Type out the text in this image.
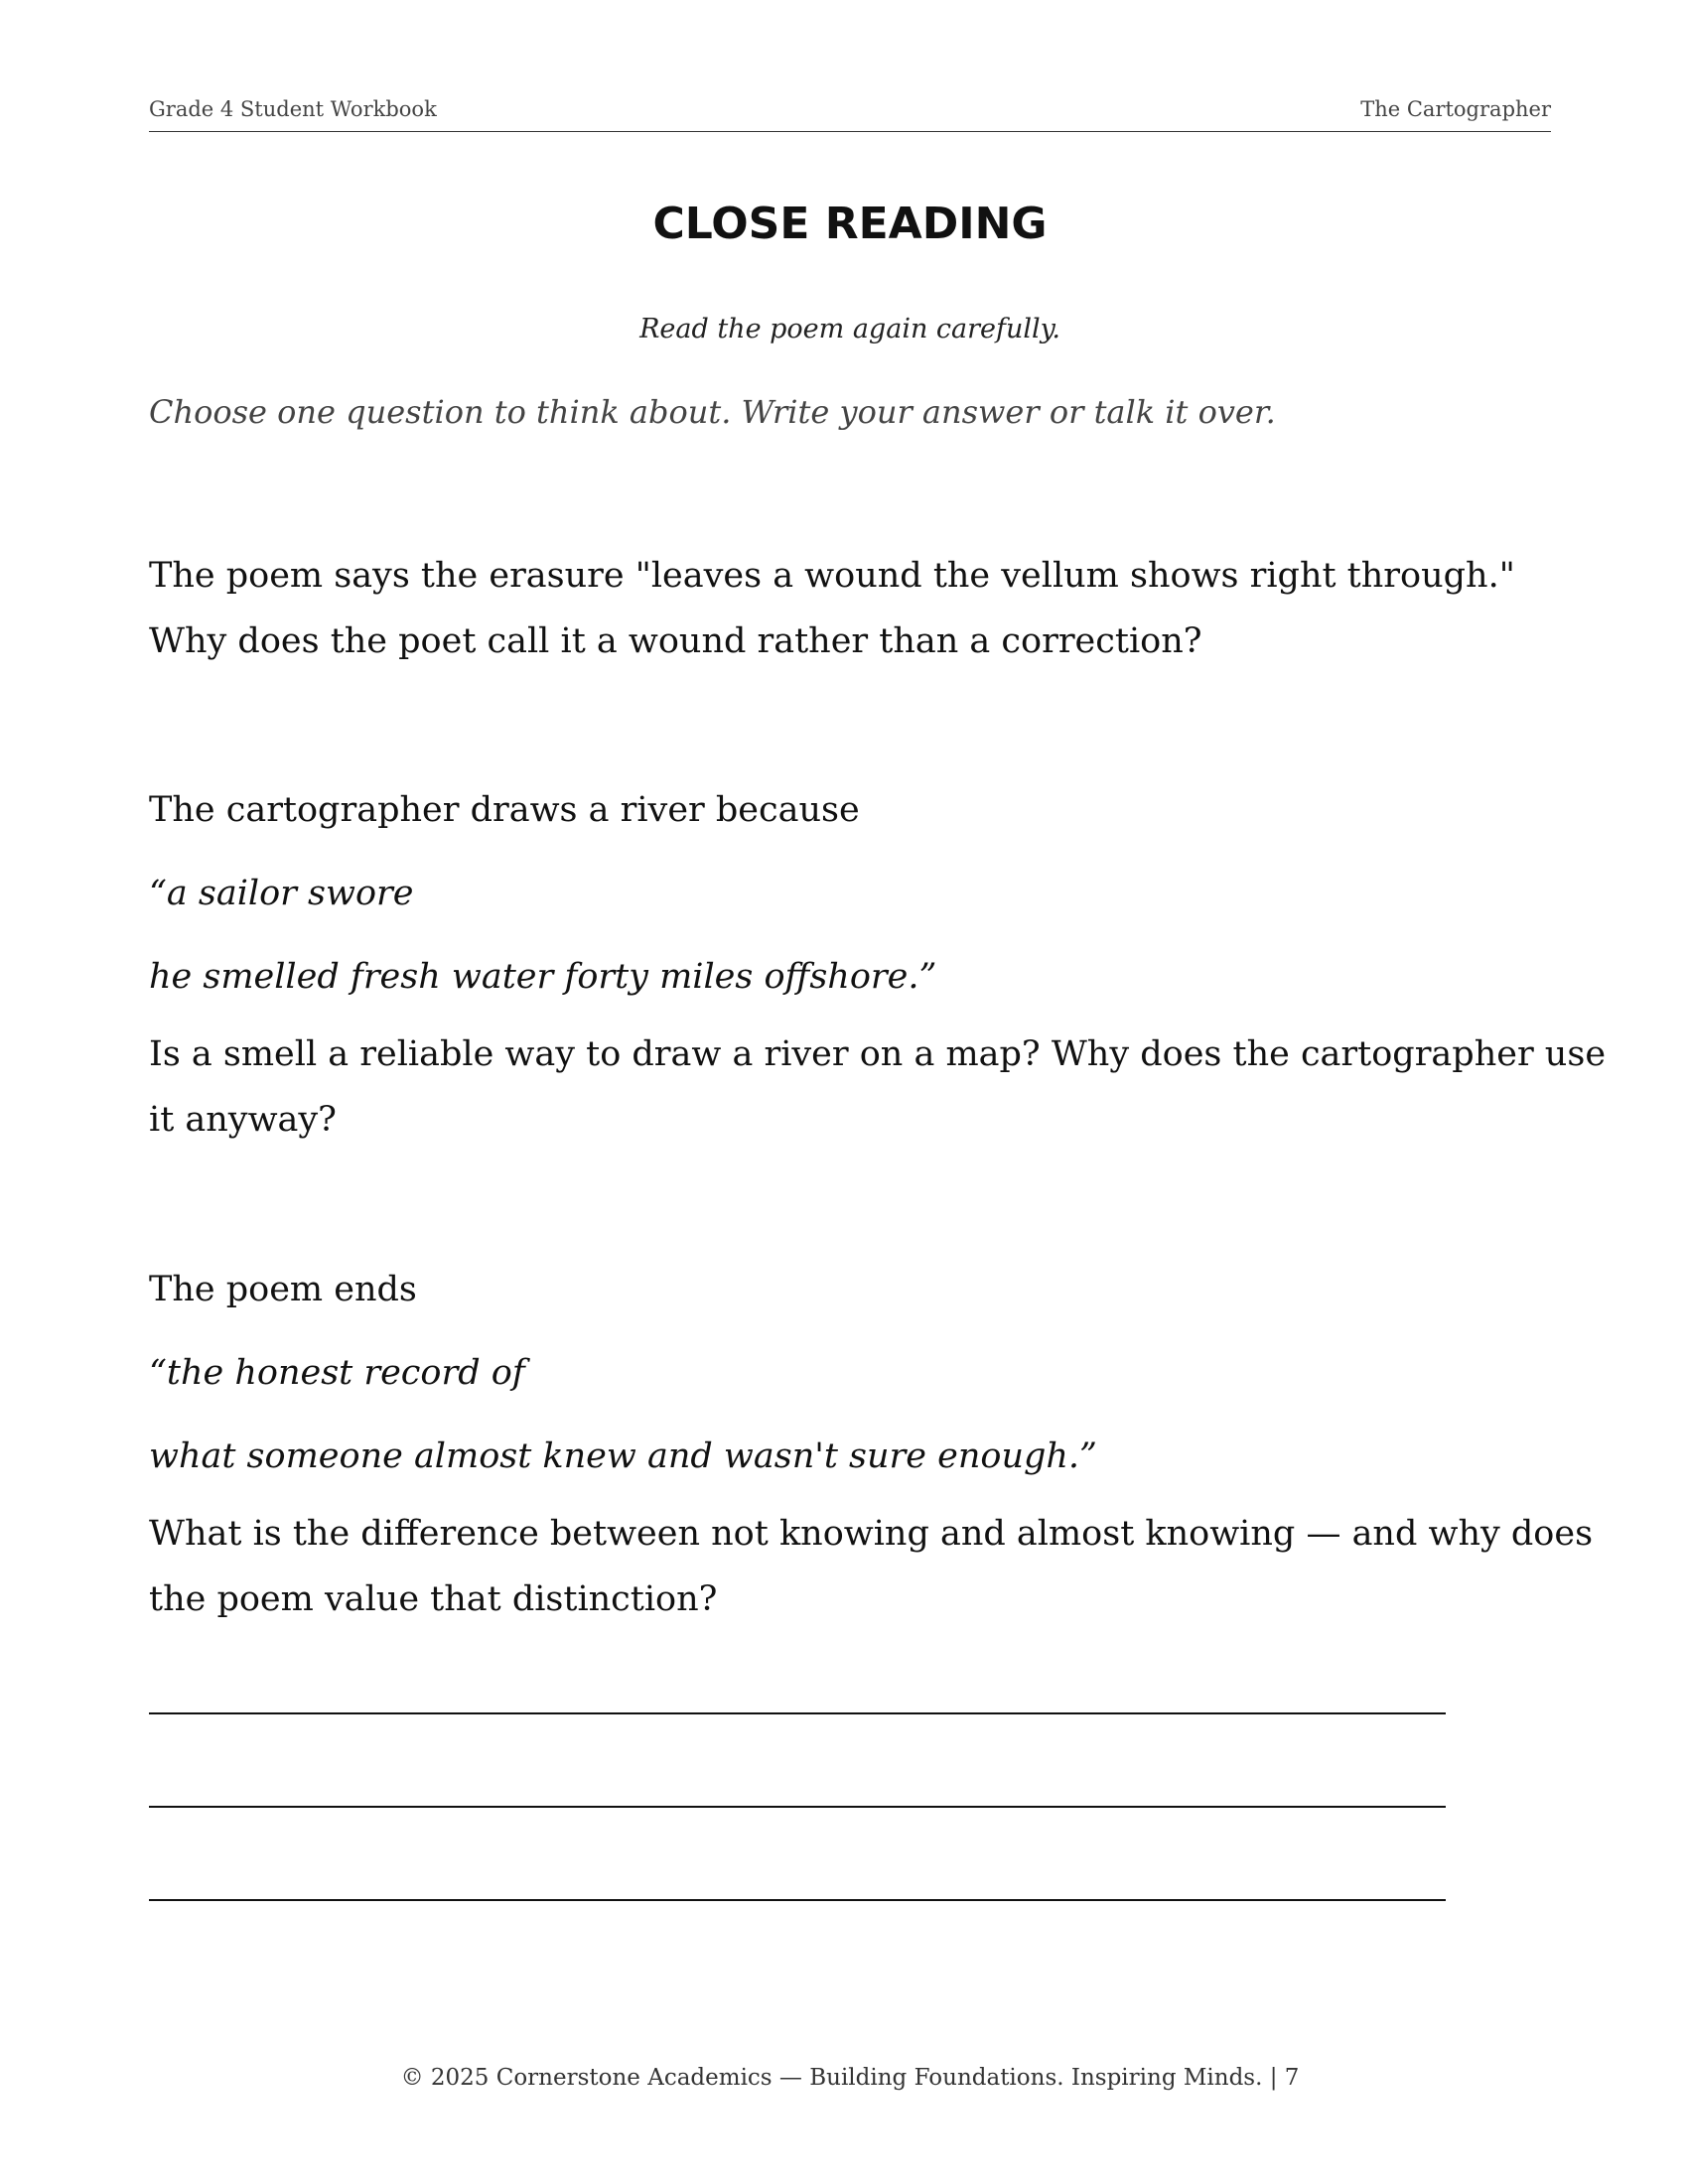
Grade 4 Student Workbook	The Cartographer
CLOSE READING
Read the poem again carefully.
Choose one question to think about. Write your answer or talk it over.
The poem says the erasure "leaves a wound the vellum shows right through."
Why does the poet call it a wound rather than a correction?
The cartographer draws a river because
“a sailor swore
he smelled fresh water forty miles offshore.”
Is a smell a reliable way to draw a river on a map? Why does the cartographer use
it anyway?
The poem ends
“the honest record of
what someone almost knew and wasn't sure enough.”
What is the difference between not knowing and almost knowing — and why does
the poem value that distinction?
© 2025 Cornerstone Academics — Building Foundations. Inspiring Minds. | 7
